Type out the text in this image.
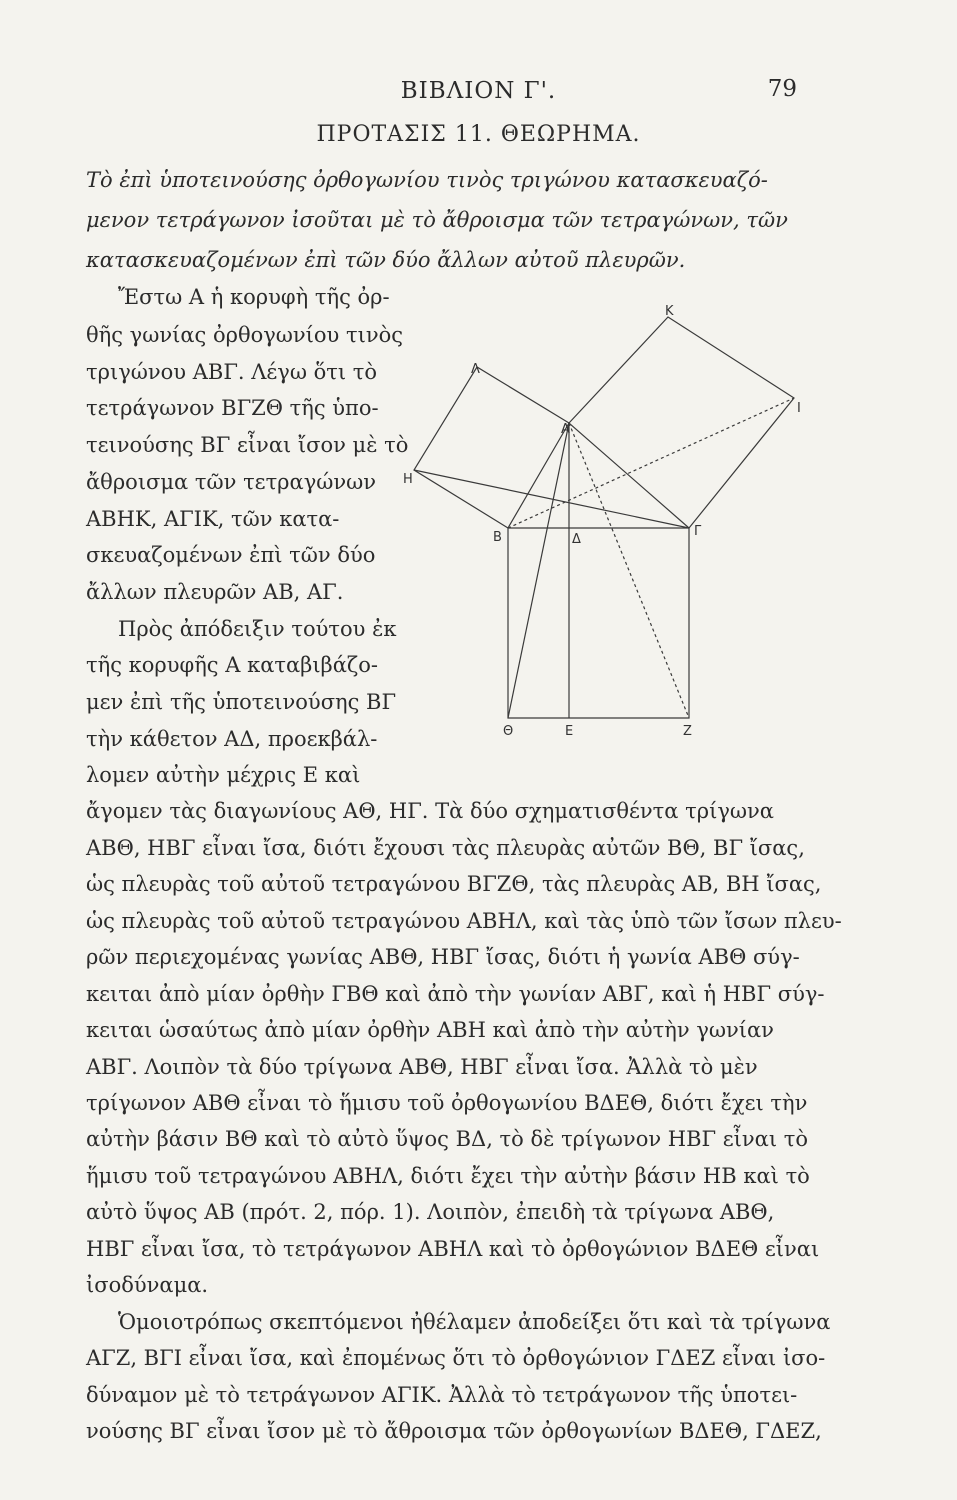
ΒΙΒΛΙΟΝ Γ'.	79
ΠΡΟΤΑΣΙΣ 11. ΘΕΩΡΗΜΑ.
Τὸ ἐπὶ ὑποτεινούσης ὀρθογωνίου τινὸς τριγώνου κατασκευαζό-
μενον τετράγωνον ἰσοῦται μὲ τὸ ἄθροισμα τῶν τετραγώνων, τῶν
κατασκευαζομένων ἐπὶ τῶν δύο ἄλλων αὐτοῦ πλευρῶν.
Ἔστω Α ἡ κορυφὴ τῆς ὀρ-
θῆς γωνίας ὀρθογωνίου τινὸς
τριγώνου ΑΒΓ. Λέγω ὅτι τὸ
τετράγωνον ΒΓΖΘ τῆς ὑπο-
τεινούσης ΒΓ εἶναι ἴσον μὲ τὸ
ἄθροισμα τῶν τετραγώνων
ΑΒΗΚ, ΑΓΙΚ, τῶν κατα-
σκευαζομένων ἐπὶ τῶν δύο
ἄλλων πλευρῶν ΑΒ, ΑΓ.
Πρὸς ἀπόδειξιν τούτου ἐκ
τῆς κορυφῆς Α καταβιβάζο-
μεν ἐπὶ τῆς ὑποτεινούσης ΒΓ
τὴν κάθετον ΑΔ, προεκβάλ-
λομεν αὐτὴν μέχρις Ε καὶ
ἄγομεν τὰς διαγωνίους ΑΘ, ΗΓ. Τὰ δύο σχηματισθέντα τρίγωνα
ΑΒΘ, ΗΒΓ εἶναι ἴσα, διότι ἔχουσι τὰς πλευρὰς αὐτῶν ΒΘ, ΒΓ ἴσας,
ὡς πλευρὰς τοῦ αὐτοῦ τετραγώνου ΒΓΖΘ, τὰς πλευρὰς ΑΒ, ΒΗ ἴσας,
ὡς πλευρὰς τοῦ αὐτοῦ τετραγώνου ΑΒΗΛ, καὶ τὰς ὑπὸ τῶν ἴσων πλευ-
ρῶν περιεχομένας γωνίας ΑΒΘ, ΗΒΓ ἴσας, διότι ἡ γωνία ΑΒΘ σύγ-
κειται ἀπὸ μίαν ὀρθὴν ΓΒΘ καὶ ἀπὸ τὴν γωνίαν ΑΒΓ, καὶ ἡ ΗΒΓ σύγ-
κειται ὡσαύτως ἀπὸ μίαν ὀρθὴν ΑΒΗ καὶ ἀπὸ τὴν αὐτὴν γωνίαν
ΑΒΓ. Λοιπὸν τὰ δύο τρίγωνα ΑΒΘ, ΗΒΓ εἶναι ἴσα. Ἀλλὰ τὸ μὲν
τρίγωνον ΑΒΘ εἶναι τὸ ἥμισυ τοῦ ὀρθογωνίου ΒΔΕΘ, διότι ἔχει τὴν
αὐτὴν βάσιν ΒΘ καὶ τὸ αὐτὸ ὕψος ΒΔ, τὸ δὲ τρίγωνον ΗΒΓ εἶναι τὸ
ἥμισυ τοῦ τετραγώνου ΑΒΗΛ, διότι ἔχει τὴν αὐτὴν βάσιν ΗΒ καὶ τὸ
αὐτὸ ὕψος ΑΒ (πρότ. 2, πόρ. 1). Λοιπὸν, ἐπειδὴ τὰ τρίγωνα ΑΒΘ,
ΗΒΓ εἶναι ἴσα, τὸ τετράγωνον ΑΒΗΛ καὶ τὸ ὀρθογώνιον ΒΔΕΘ εἶναι
ἰσοδύναμα.
Ὁμοιοτρόπως σκεπτόμενοι ἠθέλαμεν ἀποδείξει ὅτι καὶ τὰ τρίγωνα
ΑΓΖ, ΒΓΙ εἶναι ἴσα, καὶ ἐπομένως ὅτι τὸ ὀρθογώνιον ΓΔΕΖ εἶναι ἰσο-
δύναμον μὲ τὸ τετράγωνον ΑΓΙΚ. Ἀλλὰ τὸ τετράγωνον τῆς ὑποτει-
νούσης ΒΓ εἶναι ἴσον μὲ τὸ ἄθροισμα τῶν ὀρθογωνίων ΒΔΕΘ, ΓΔΕΖ,
Κ
Λ
Ι
Α
Η
Β	Δ
Γ
Θ	Ε	Ζ
